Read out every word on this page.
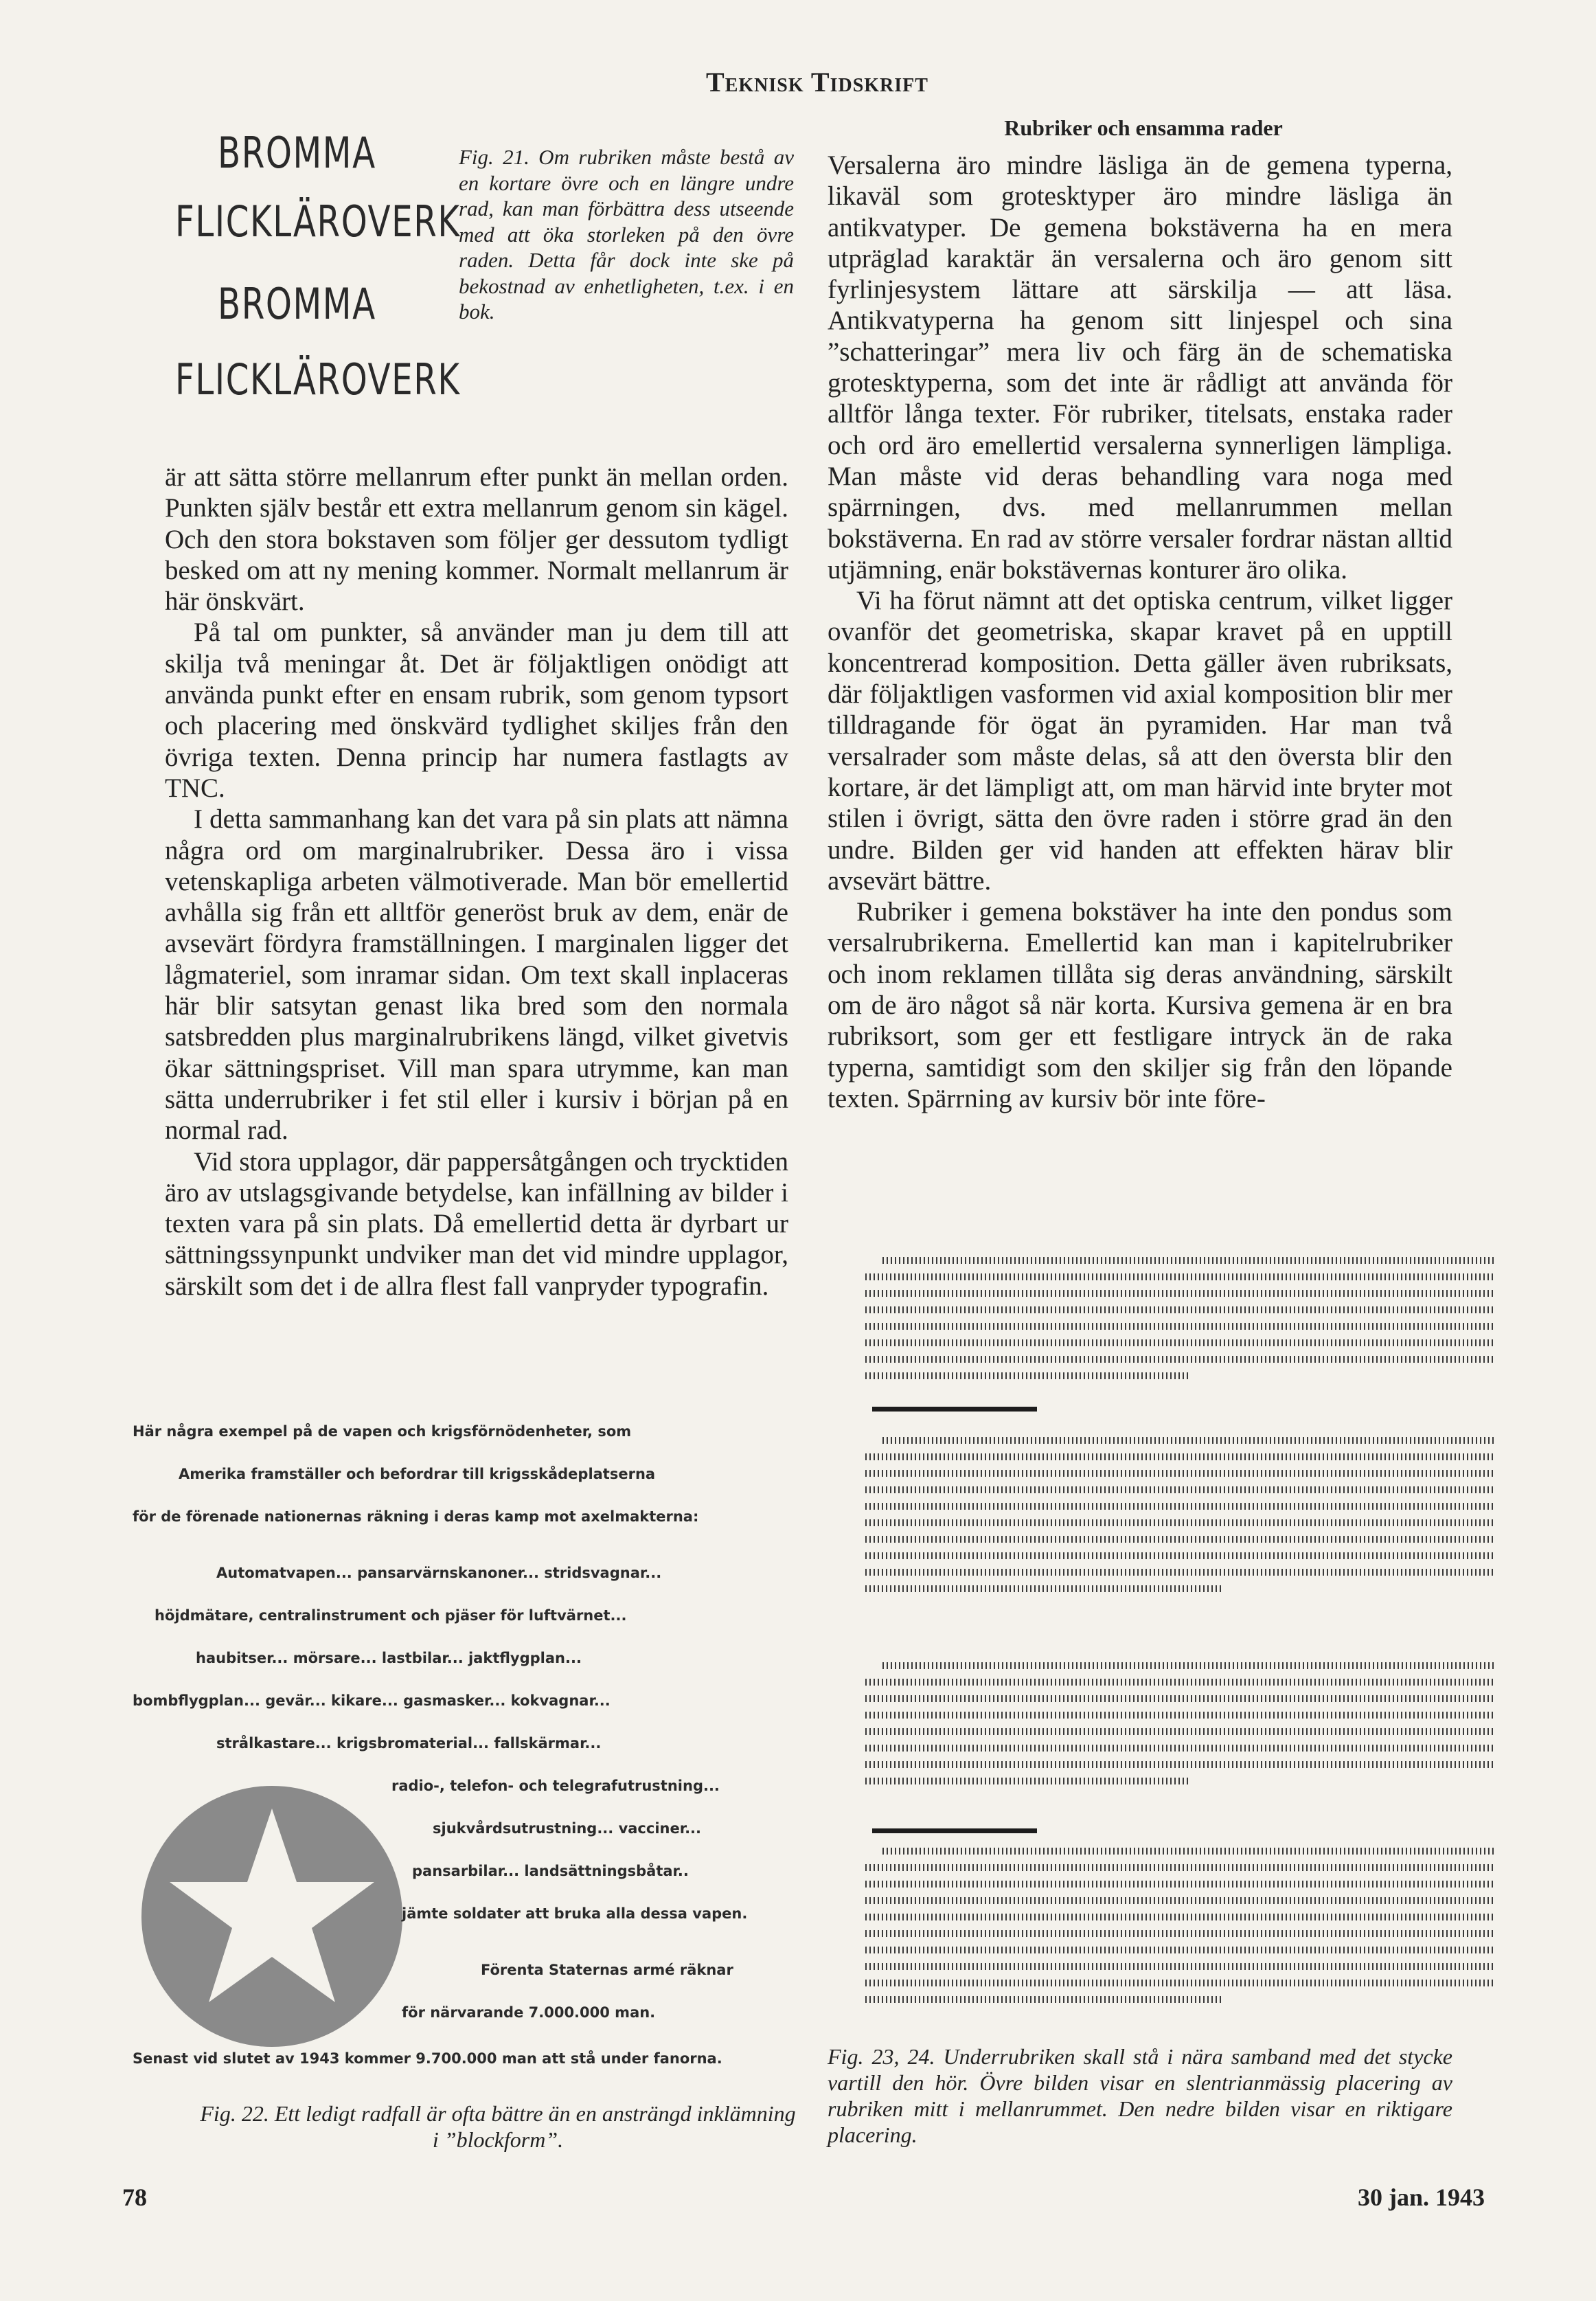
Teknisk Tidskrift
Rubriker och ensamma rader
BROMMA
FLICKLÄROVERK
BROMMA
FLICKLÄROVERK
Fig. 21. Om rubriken måste bestå av en kortare övre och en längre undre rad, kan man förbättra dess utseende med att öka storleken på den övre raden. Detta får dock inte ske på bekostnad av enhetligheten, t.ex. i en bok.

är att sätta större mellanrum efter punkt än mellan orden. Punkten själv består ett extra mellanrum genom sin kägel. Och den stora bokstaven som följer ger dessutom tydligt besked om att ny mening kommer. Normalt mellanrum är här önskvärt.

På tal om punkter, så använder man ju dem till att skilja två meningar åt. Det är följaktligen onödigt att använda punkt efter en ensam rubrik, som genom typsort och placering med önskvärd tydlighet skiljes från den övriga texten. Denna princip har numera fastlagts av TNC.

I detta sammanhang kan det vara på sin plats att nämna några ord om marginalrubriker. Dessa äro i vissa vetenskapliga arbeten välmotiverade. Man bör emellertid avhålla sig från ett alltför generöst bruk av dem, enär de avsevärt fördyra framställningen. I marginalen ligger det lågmateriel, som inramar sidan. Om text skall inplaceras här blir satsytan genast lika bred som den normala satsbredden plus marginalrubrikens längd, vilket givetvis ökar sättningspriset. Vill man spara utrymme, kan man sätta underrubriker i fet stil eller i kursiv i början på en normal rad.

Vid stora upplagor, där pappersåtgången och trycktiden äro av utslagsgivande betydelse, kan infällning av bilder i texten vara på sin plats. Då emellertid detta är dyrbart ur sättningssynpunkt undviker man det vid mindre upplagor, särskilt som det i de allra flest fall vanpryder typografin.

Versalerna äro mindre läsliga än de gemena typerna, likaväl som grotesktyper äro mindre läsliga än antikvatyper. De gemena bokstäverna ha en mera utpräglad karaktär än versalerna och äro genom sitt fyrlinjesystem lättare att särskilja — att läsa. Antikvatyperna ha genom sitt linjespel och sina ”schatteringar” mera liv och färg än de schematiska grotesktyperna, som det inte är rådligt att använda för alltför långa texter. För rubriker, titelsats, enstaka rader och ord äro emellertid versalerna synnerligen lämpliga. Man måste vid deras behandling vara noga med spärrningen, dvs. med mellanrummen mellan bokstäverna. En rad av större versaler fordrar nästan alltid utjämning, enär bokstävernas konturer äro olika.

Vi ha förut nämnt att det optiska centrum, vilket ligger ovanför det geometriska, skapar kravet på en upptill koncentrerad komposition. Detta gäller även rubriksats, där följaktligen vasformen vid axial komposition blir mer tilldragande för ögat än pyramiden. Har man två versalrader som måste delas, så att den översta blir den kortare, är det lämpligt att, om man härvid inte bryter mot stilen i övrigt, sätta den övre raden i större grad än den undre. Bilden ger vid handen att effekten härav blir avsevärt bättre.

Rubriker i gemena bokstäver ha inte den pondus som versalrubrikerna. Emellertid kan man i kapitelrubriker och inom reklamen tillåta sig deras användning, särskilt om de äro något så när korta. Kursiva gemena är en bra rubriksort, som ger ett festligare intryck än de raka typerna, samtidigt som den skiljer sig från den löpande texten. Spärrning av kursiv bör inte före-

Här några exempel på de vapen och krigsförnödenheter, som
Amerika framställer och befordrar till krigsskådeplatserna
för de förenade nationernas räkning i deras kamp mot axelmakterna:
Automatvapen... pansarvärnskanoner... stridsvagnar...
höjdmätare, centralinstrument och pjäser för luftvärnet...
haubitser... mörsare... lastbilar... jaktflygplan...
bombflygplan... gevär... kikare... gasmasker... kokvagnar...
strålkastare... krigsbromaterial... fallskärmar...
radio-, telefon- och telegrafutrustning...
sjukvårdsutrustning... vacciner...
pansarbilar... landsättningsbåtar..
jämte soldater att bruka alla dessa vapen.
Förenta Staternas armé räknar
för närvarande 7.000.000 man.
Senast vid slutet av 1943 kommer 9.700.000 man att stå under fanorna.
Fig. 22. Ett ledigt radfall är ofta bättre än en ansträngd inklämning i ”blockform”.
Fig. 23, 24. Underrubriken skall stå i nära samband med det stycke vartill den hör. Övre bilden visar en slentrianmässig placering av rubriken mitt i mellanrummet. Den nedre bilden visar en riktigare placering.
78	30 jan. 1943
